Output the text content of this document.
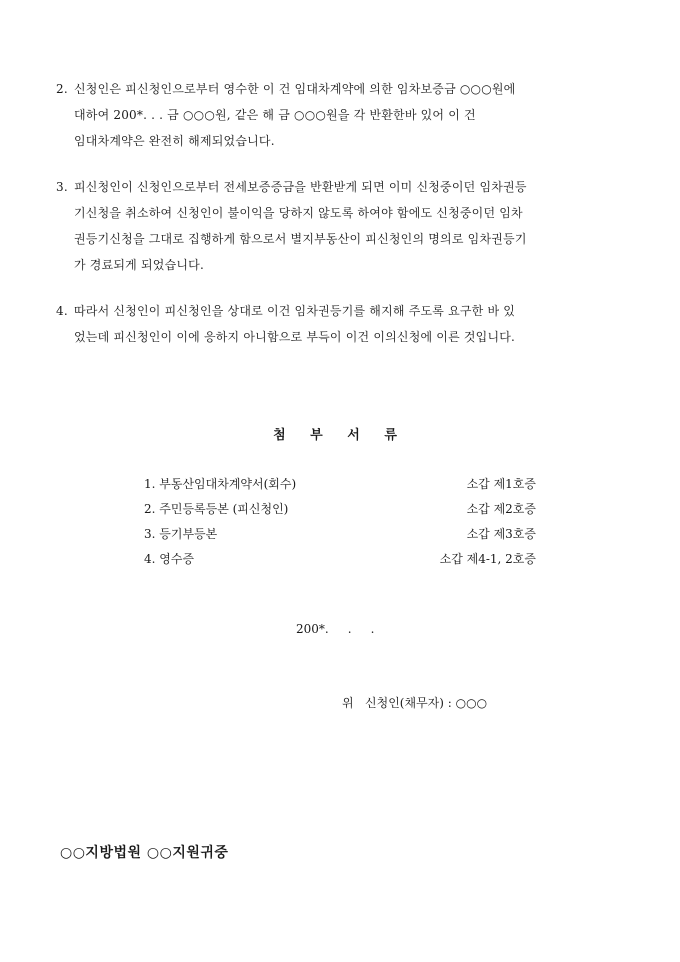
2. 신청인은 피신청인으로부터 영수한 이 건 임대차계약에 의한 임차보증금 ○○○원에
대하여 200*. . . 금 ○○○원, 같은 해 금 ○○○원을 각 반환한바 있어 이 건
임대차계약은 완전히 해제되었습니다.
3. 피신청인이 신청인으로부터 전세보증증금을 반환받게 되면 이미 신청중이던 임차권등
기신청을 취소하여 신청인이 불이익을 당하지 않도록 하여야 함에도 신청중이던 임차
권등기신청을 그대로 집행하게 함으로서 별지부동산이 피신청인의 명의로 임차권등기
가 경료되게 되었습니다.
4. 따라서 신청인이 피신청인을 상대로 이건 임차권등기를 해지해 주도록 요구한 바 있
었는데 피신청인이 이에 응하지 아니함으로 부득이 이건 이의신청에 이른 것입니다.
첨 부 서 류
1. 부동산임대차계약서(회수)	소갑 제1호증
2. 주민등록등본 (피신청인)	소갑 제2호증
3. 등기부등본	소갑 제3호증
4. 영수증	소갑 제4-1, 2호증
200*.     .     .
위   신청인(채무자) : ○○○
○○지방법원 ○○지원귀중
